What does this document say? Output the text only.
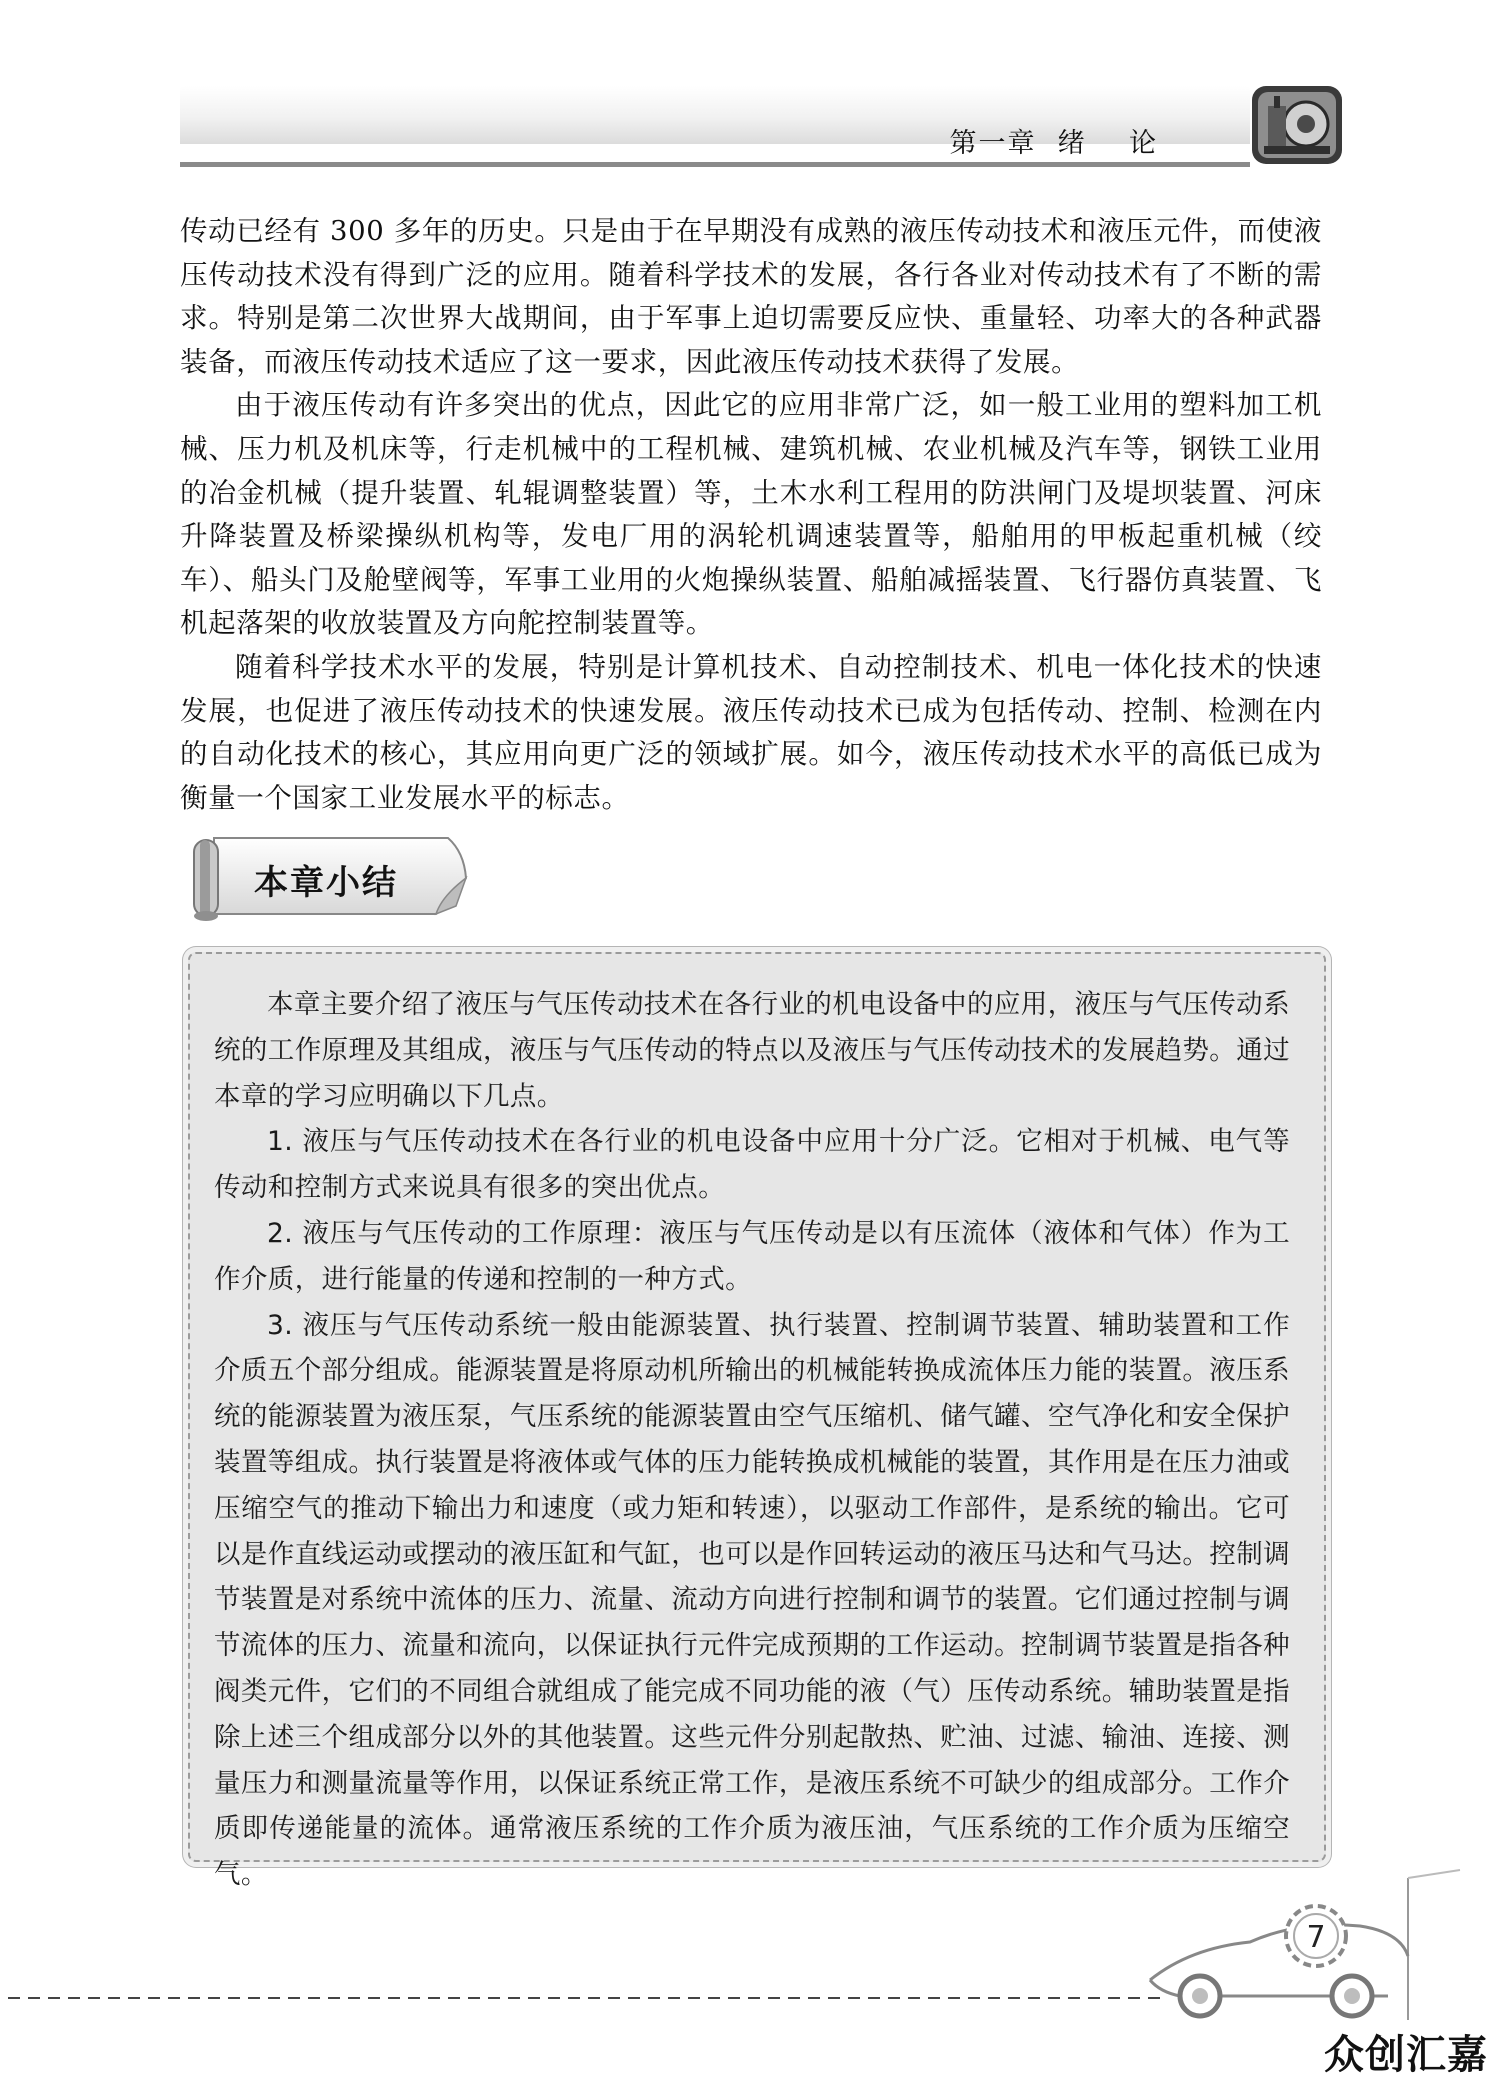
第一章  绪    论

传动已经有 300 多年的历史。只是由于在早期没有成熟的液压传动技术和液压元件，而使液压传动技术没有得到广泛的应用。随着科学技术的发展，各行各业对传动技术有了不断的需求。特别是第二次世界大战期间，由于军事上迫切需要反应快、重量轻、功率大的各种武器装备，而液压传动技术适应了这一要求，因此液压传动技术获得了发展。

由于液压传动有许多突出的优点，因此它的应用非常广泛，如一般工业用的塑料加工机械、压力机及机床等，行走机械中的工程机械、建筑机械、农业机械及汽车等，钢铁工业用的冶金机械（提升装置、轧辊调整装置）等，土木水利工程用的防洪闸门及堤坝装置、河床升降装置及桥梁操纵机构等，发电厂用的涡轮机调速装置等，船舶用的甲板起重机械（绞车）、船头门及舱壁阀等，军事工业用的火炮操纵装置、船舶减摇装置、飞行器仿真装置、飞机起落架的收放装置及方向舵控制装置等。

随着科学技术水平的发展，特别是计算机技术、自动控制技术、机电一体化技术的快速发展，也促进了液压传动技术的快速发展。液压传动技术已成为包括传动、控制、检测在内的自动化技术的核心，其应用向更广泛的领域扩展。如今，液压传动技术水平的高低已成为衡量一个国家工业发展水平的标志。

本章小结

本章主要介绍了液压与气压传动技术在各行业的机电设备中的应用，液压与气压传动系统的工作原理及其组成，液压与气压传动的特点以及液压与气压传动技术的发展趋势。通过本章的学习应明确以下几点。

1. 液压与气压传动技术在各行业的机电设备中应用十分广泛。它相对于机械、电气等传动和控制方式来说具有很多的突出优点。

2. 液压与气压传动的工作原理：液压与气压传动是以有压流体（液体和气体）作为工作介质，进行能量的传递和控制的一种方式。

3. 液压与气压传动系统一般由能源装置、执行装置、控制调节装置、辅助装置和工作介质五个部分组成。能源装置是将原动机所输出的机械能转换成流体压力能的装置。液压系统的能源装置为液压泵，气压系统的能源装置由空气压缩机、储气罐、空气净化和安全保护装置等组成。执行装置是将液体或气体的压力能转换成机械能的装置，其作用是在压力油或压缩空气的推动下输出力和速度（或力矩和转速），以驱动工作部件，是系统的输出。它可以是作直线运动或摆动的液压缸和气缸，也可以是作回转运动的液压马达和气马达。控制调节装置是对系统中流体的压力、流量、流动方向进行控制和调节的装置。它们通过控制与调节流体的压力、流量和流向，以保证执行元件完成预期的工作运动。控制调节装置是指各种阀类元件，它们的不同组合就组成了能完成不同功能的液（气）压传动系统。辅助装置是指除上述三个组成部分以外的其他装置。这些元件分别起散热、贮油、过滤、输油、连接、测量压力和测量流量等作用，以保证系统正常工作，是液压系统不可缺少的组成部分。工作介质即传递能量的流体。通常液压系统的工作介质为液压油，气压系统的工作介质为压缩空气。

7
众创汇嘉
